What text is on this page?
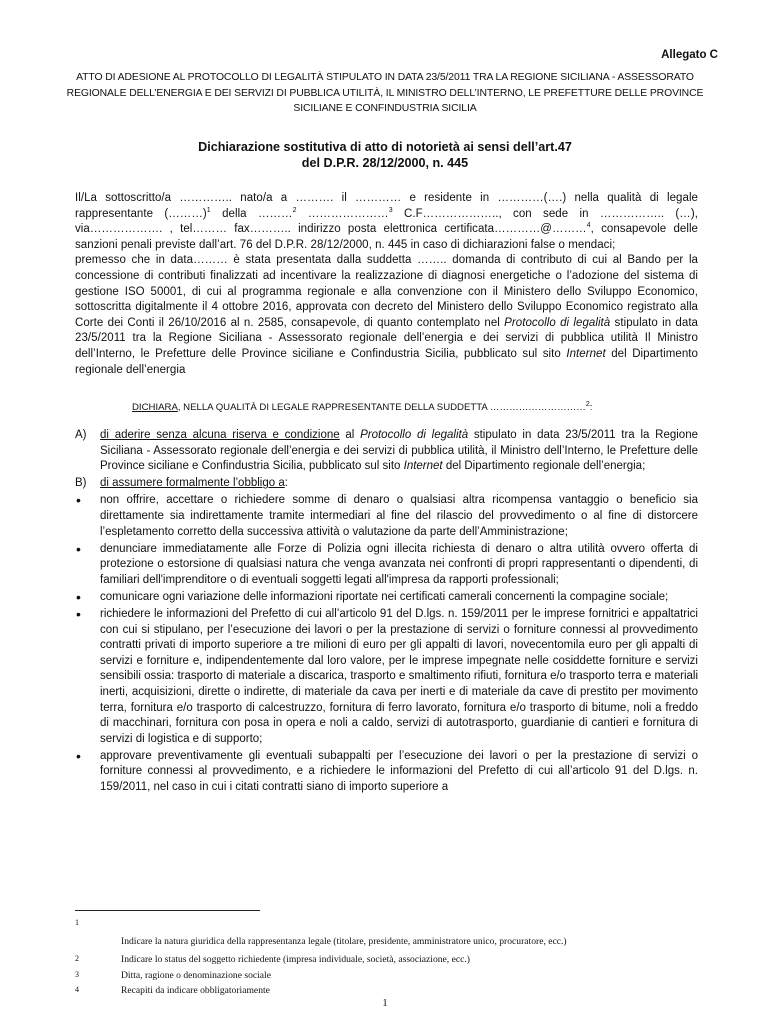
Allegato C
ATTO DI ADESIONE AL PROTOCOLLO DI LEGALITÀ STIPULATO IN DATA 23/5/2011 TRA LA REGIONE SICILIANA - ASSESSORATO REGIONALE DELL’ENERGIA E DEI SERVIZI DI PUBBLICA UTILITÀ, IL MINISTRO DELL’INTERNO, LE PREFETTURE DELLE PROVINCE SICILIANE E CONFINDUSTRIA SICILIA
Dichiarazione sostitutiva di atto di notorietà ai sensi dell’art.47
del D.P.R. 28/12/2000, n. 445

Il/La sottoscritto/a ………….. nato/a a ………. il ………… e residente in …………(….) nella qualità di legale rappresentante (………)$^1$ della ………$^2$ …………………$^3$ C.F……………….., con sede in …………….. (…), via………………. , tel……… fax……….. indirizzo posta elettronica certificata…………@………$^4$, consapevole delle sanzioni penali previste dall’art. 76 del D.P.R. 28/12/2000, n. 445 in caso di dichiarazioni false o mendaci;

premesso che in data……… è stata presentata dalla suddetta …….. domanda di contributo di cui al Bando per la concessione di contributi finalizzati ad incentivare la realizzazione di diagnosi energetiche o l’adozione del sistema di gestione ISO 50001, di cui al programma regionale e alla convenzione con il Ministero dello Sviluppo Economico, sottoscritta digitalmente il 4 ottobre 2016, approvata con decreto del Ministero dello Sviluppo Economico registrato alla Corte dei Conti il 26/10/2016 al n. 2585, consapevole, di quanto contemplato nel Protocollo di legalità stipulato in data 23/5/2011 tra la Regione Siciliana - Assessorato regionale dell’energia e dei servizi di pubblica utilità Il Ministro dell’Interno, le Prefetture delle Province siciliane e Confindustria Sicilia, pubblicato sul sito Internet del Dipartimento regionale dell’energia

DICHIARA, NELLA QUALITÀ DI LEGALE RAPPRESENTANTE DELLA SUDDETTA …………………………$^2$:
A) di aderire senza alcuna riserva e condizione al Protocollo di legalità stipulato in data 23/5/2011 tra la Regione Siciliana - Assessorato regionale dell’energia e dei servizi di pubblica utilità, il Ministro dell’Interno, le Prefetture delle Province siciliane e Confindustria Sicilia, pubblicato sul sito Internet del Dipartimento regionale dell’energia;
B) di assumere formalmente l’obbligo a:
• non offrire, accettare o richiedere somme di denaro o qualsiasi altra ricompensa vantaggio o beneficio sia direttamente sia indirettamente tramite intermediari al fine del rilascio del provvedimento o al fine di distorcere l’espletamento corretto della successiva attività o valutazione da parte dell’Amministrazione;
• denunciare immediatamente alle Forze di Polizia ogni illecita richiesta di denaro o altra utilità ovvero offerta di protezione o estorsione di qualsiasi natura che venga avanzata nei confronti di propri rappresentanti o dipendenti, di familiari dell'imprenditore o di eventuali soggetti legati all'impresa da rapporti professionali;
• comunicare ogni variazione delle informazioni riportate nei certificati camerali concernenti la compagine sociale;
• richiedere le informazioni del Prefetto di cui all’articolo 91 del D.lgs. n. 159/2011 per le imprese fornitrici e appaltatrici con cui si stipulano, per l’esecuzione dei lavori o per la prestazione di servizi o forniture connessi al provvedimento contratti privati di importo superiore a tre milioni di euro per gli appalti di lavori, novecentomila euro per gli appalti di servizi e forniture e, indipendentemente dal loro valore, per le imprese impegnate nelle cosiddette forniture e servizi sensibili ossia: trasporto di materiale a discarica, trasporto e smaltimento rifiuti, fornitura e/o trasporto terra e materiali inerti, acquisizioni, dirette o indirette, di materiale da cava per inerti e di materiale da cave di prestito per movimento terra, fornitura e/o trasporto di calcestruzzo, fornitura di ferro lavorato, fornitura e/o trasporto di bitume, noli a freddo di macchinari, fornitura con posa in opera e noli a caldo, servizi di autotrasporto, guardianie di cantieri e fornitura di servizi di logistica e di supporto;
• approvare preventivamente gli eventuali subappalti per l’esecuzione dei lavori o per la prestazione di servizi o forniture connessi al provvedimento, e a richiedere le informazioni del Prefetto di cui all’articolo 91 del D.lgs. n. 159/2011, nel caso in cui i citati contratti siano di importo superiore a
1
Indicare la natura giuridica della rappresentanza legale (titolare, presidente, amministratore unico, procuratore, ecc.)
2	Indicare lo status del soggetto richiedente (impresa individuale, società, associazione, ecc.)
3	Ditta, ragione o denominazione sociale
4	Recapiti da indicare obbligatoriamente
1
